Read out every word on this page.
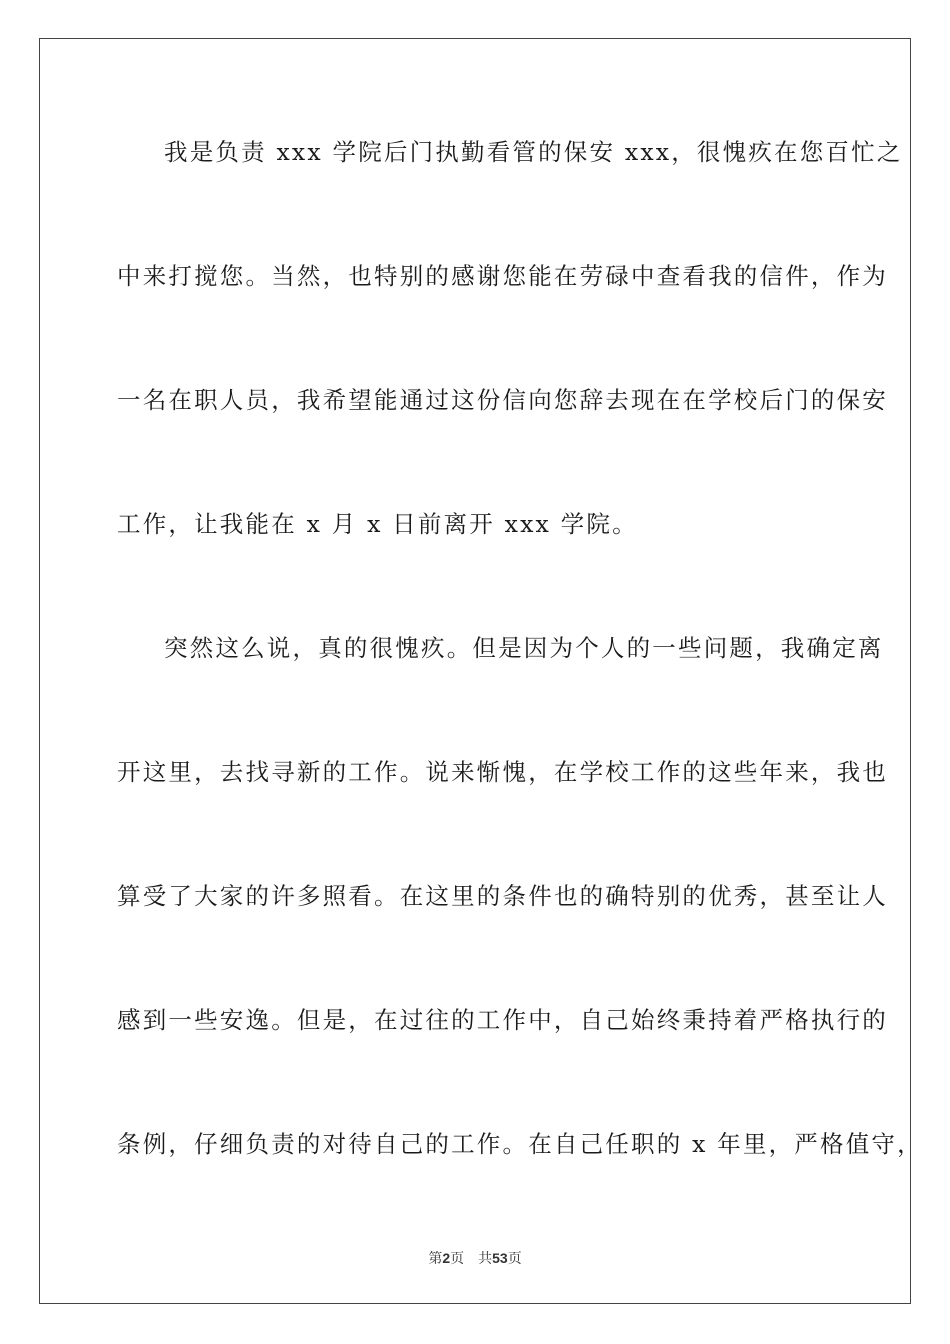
我是负责 xxx 学院后门执勤看管的保安 xxx，很愧疚在您百忙之
中来打搅您。当然，也特别的感谢您能在劳碌中查看我的信件，作为
一名在职人员，我希望能通过这份信向您辞去现在在学校后门的保安
工作，让我能在 x 月 x 日前离开 xxx 学院。
突然这么说，真的很愧疚。但是因为个人的一些问题，我确定离
开这里，去找寻新的工作。说来惭愧，在学校工作的这些年来，我也
算受了大家的许多照看。在这里的条件也的确特别的优秀，甚至让人
感到一些安逸。但是，在过往的工作中，自己始终秉持着严格执行的
条例，仔细负责的对待自己的工作。在自己任职的 x 年里，严格值守，
第2页 共53页
